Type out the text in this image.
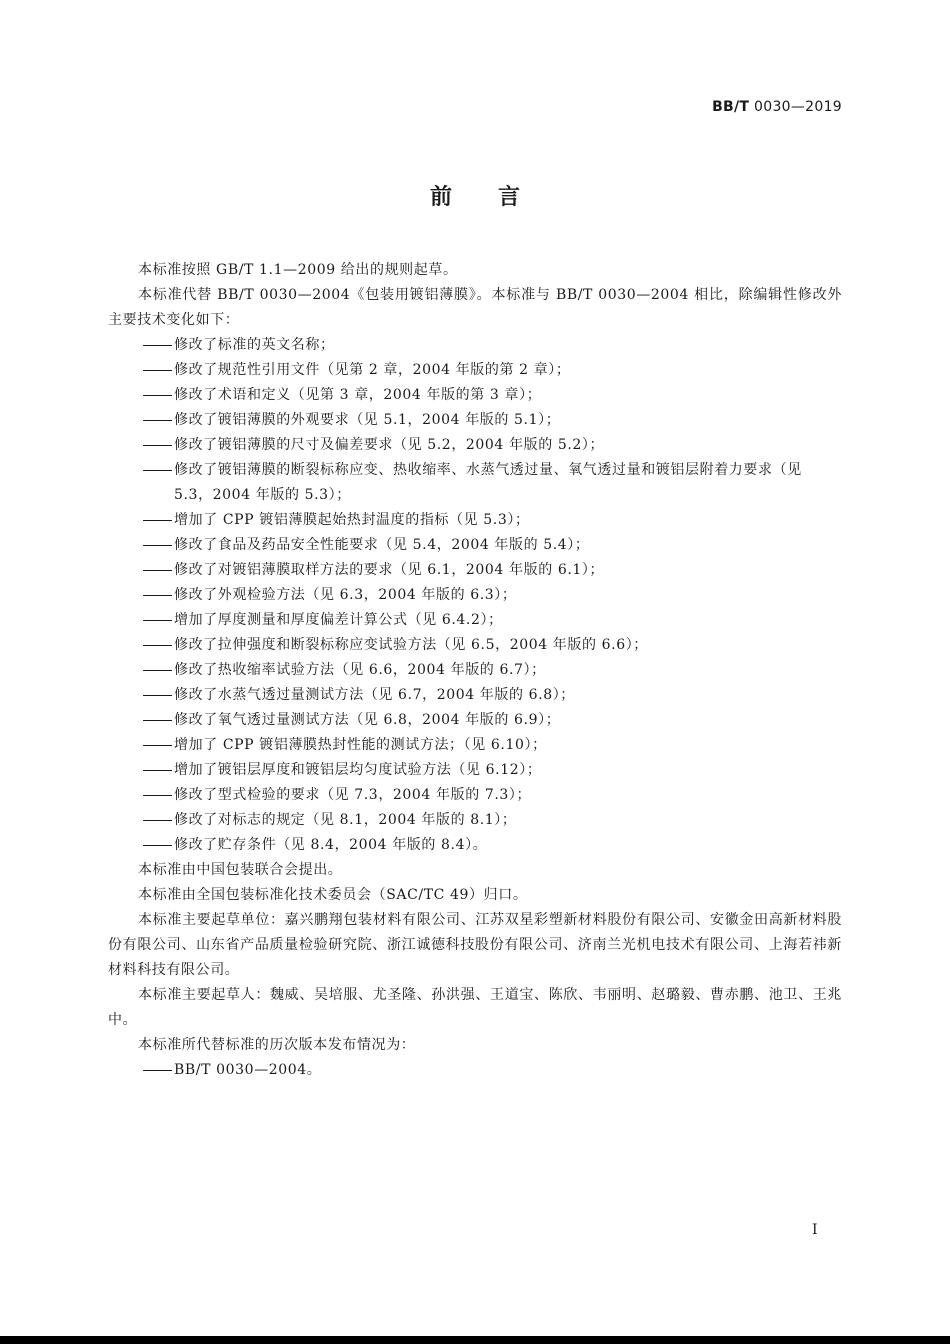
BB/T 0030—2019
前言

本标准按照 GB/T 1.1—2009 给出的规则起草。

本标准代替 BB/T 0030—2004《包装用镀铝薄膜》。本标准与 BB/T 0030—2004 相比，除编辑性修改外主要技术变化如下：

修改了标准的英文名称；

修改了规范性引用文件（见第 2 章，2004 年版的第 2 章）；

修改了术语和定义（见第 3 章，2004 年版的第 3 章）；

修改了镀铝薄膜的外观要求（见 5.1，2004 年版的 5.1）；

修改了镀铝薄膜的尺寸及偏差要求（见 5.2，2004 年版的 5.2）；

修改了镀铝薄膜的断裂标称应变、热收缩率、水蒸气透过量、氧气透过量和镀铝层附着力要求（见 5.3，2004 年版的 5.3）；

增加了 CPP 镀铝薄膜起始热封温度的指标（见 5.3）；

修改了食品及药品安全性能要求（见 5.4，2004 年版的 5.4）；

修改了对镀铝薄膜取样方法的要求（见 6.1，2004 年版的 6.1）；

修改了外观检验方法（见 6.3，2004 年版的 6.3）；

增加了厚度测量和厚度偏差计算公式（见 6.4.2）；

修改了拉伸强度和断裂标称应变试验方法（见 6.5，2004 年版的 6.6）；

修改了热收缩率试验方法（见 6.6，2004 年版的 6.7）；

修改了水蒸气透过量测试方法（见 6.7，2004 年版的 6.8）；

修改了氧气透过量测试方法（见 6.8，2004 年版的 6.9）；

增加了 CPP 镀铝薄膜热封性能的测试方法；（见 6.10）；

增加了镀铝层厚度和镀铝层均匀度试验方法（见 6.12）；

修改了型式检验的要求（见 7.3，2004 年版的 7.3）；

修改了对标志的规定（见 8.1，2004 年版的 8.1）；

修改了贮存条件（见 8.4，2004 年版的 8.4）。

本标准由中国包装联合会提出。

本标准由全国包装标准化技术委员会（SAC/TC 49）归口。

本标准主要起草单位：嘉兴鹏翔包装材料有限公司、江苏双星彩塑新材料股份有限公司、安徽金田高新材料股份有限公司、山东省产品质量检验研究院、浙江诚德科技股份有限公司、济南兰光机电技术有限公司、上海若祎新材料科技有限公司。

本标准主要起草人：魏威、吴培服、尤圣隆、孙洪强、王道宝、陈欣、韦丽明、赵璐毅、曹赤鹏、池卫、王兆中。

本标准所代替标准的历次版本发布情况为：

BB/T 0030—2004。

I
